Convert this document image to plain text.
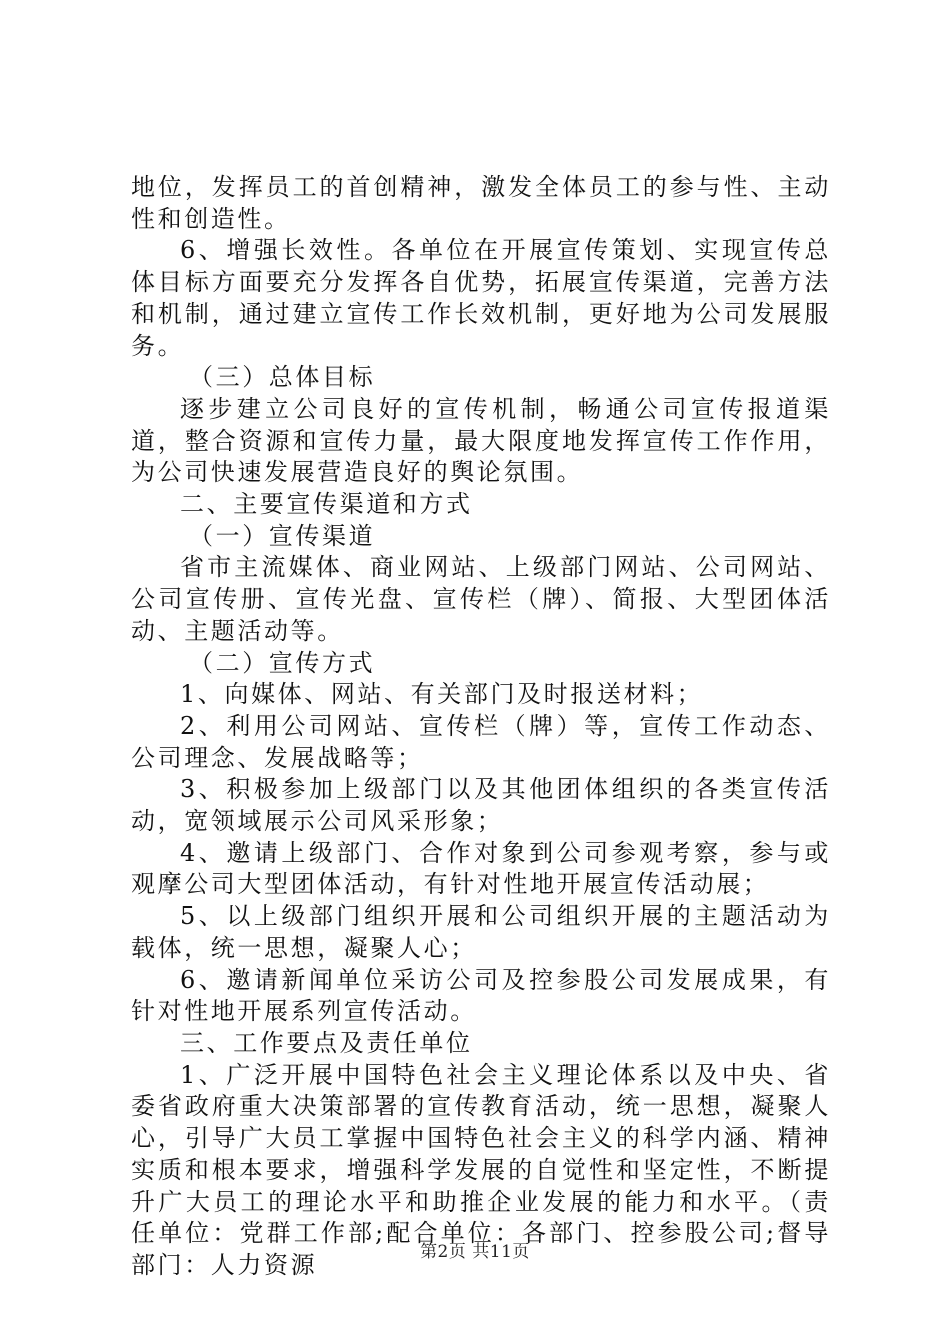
地位，发挥员工的首创精神，激发全体员工的参与性、主动性和创造性。

6、增强长效性。各单位在开展宣传策划、实现宣传总体目标方面要充分发挥各自优势，拓展宣传渠道，完善方法和机制，通过建立宣传工作长效机制，更好地为公司发展服务。

（三）总体目标

逐步建立公司良好的宣传机制，畅通公司宣传报道渠道，整合资源和宣传力量，最大限度地发挥宣传工作作用，为公司快速发展营造良好的舆论氛围。

二、主要宣传渠道和方式

（一）宣传渠道

省市主流媒体、商业网站、上级部门网站、公司网站、公司宣传册、宣传光盘、宣传栏（牌）、简报、大型团体活动、主题活动等。

（二）宣传方式

1、向媒体、网站、有关部门及时报送材料；

2、利用公司网站、宣传栏（牌）等，宣传工作动态、公司理念、发展战略等；

3、积极参加上级部门以及其他团体组织的各类宣传活动，宽领域展示公司风采形象；

4、邀请上级部门、合作对象到公司参观考察，参与或观摩公司大型团体活动，有针对性地开展宣传活动展；

5、以上级部门组织开展和公司组织开展的主题活动为载体，统一思想，凝聚人心；

6、邀请新闻单位采访公司及控参股公司发展成果，有针对性地开展系列宣传活动。

三、工作要点及责任单位

1、广泛开展中国特色社会主义理论体系以及中央、省委省政府重大决策部署的宣传教育活动，统一思想，凝聚人心，引导广大员工掌握中国特色社会主义的科学内涵、精神实质和根本要求，增强科学发展的自觉性和坚定性，不断提升广大员工的理论水平和助推企业发展的能力和水平。（责任单位：党群工作部;配合单位：各部门、控参股公司;督导部门：人力资源	第2页 共11页
